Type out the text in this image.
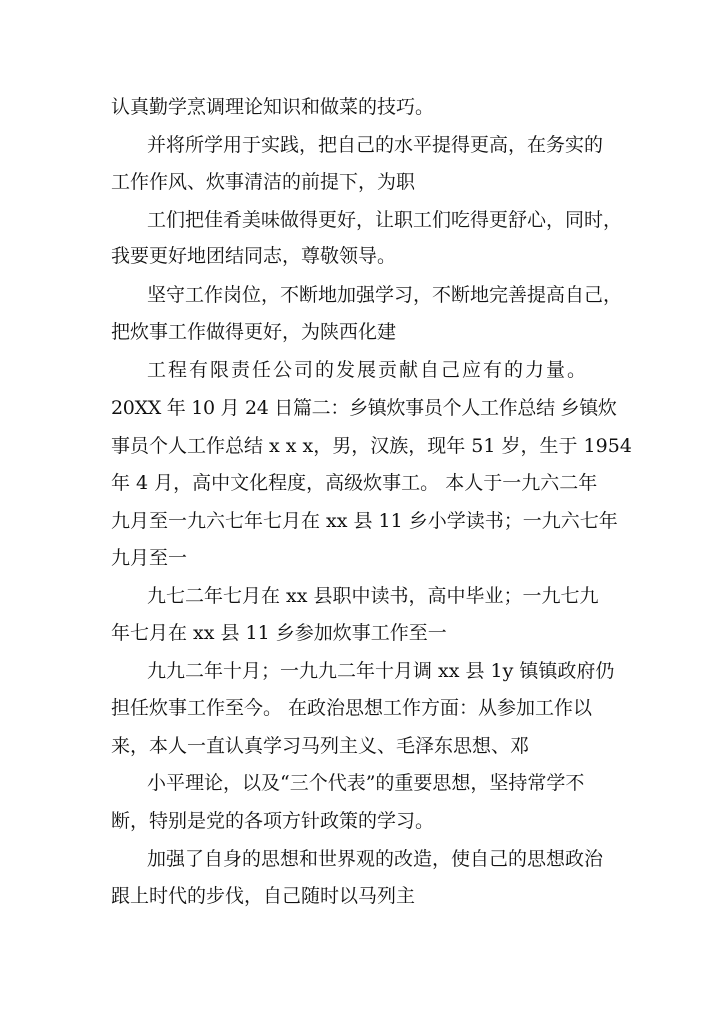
认真勤学烹调理论知识和做菜的技巧。
并将所学用于实践，把自己的水平提得更高，在务实的
工作作风、炊事清洁的前提下，为职
工们把佳肴美味做得更好，让职工们吃得更舒心，同时，
我要更好地团结同志，尊敬领导。
坚守工作岗位，不断地加强学习，不断地完善提高自己，
把炊事工作做得更好，为陕西化建
工程有限责任公司的发展贡献自己应有的力量。
20XX 年 10 月 24 日篇二：乡镇炊事员个人工作总结 乡镇炊
事员个人工作总结 x x x，男，汉族，现年 51 岁，生于 1954
年 4 月，高中文化程度，高级炊事工。 本人于一九六二年
九月至一九六七年七月在 xx 县 11 乡小学读书；一九六七年
九月至一
九七二年七月在 xx 县职中读书，高中毕业；一九七九
年七月在 xx 县 11 乡参加炊事工作至一
九九二年十月；一九九二年十月调 xx 县 1y 镇镇政府仍
担任炊事工作至今。 在政治思想工作方面：从参加工作以
来，本人一直认真学习马列主义、毛泽东思想、邓
小平理论，以及“三个代表”的重要思想，坚持常学不
断，特别是党的各项方针政策的学习。
加强了自身的思想和世界观的改造，使自己的思想政治
跟上时代的步伐，自己随时以马列主
